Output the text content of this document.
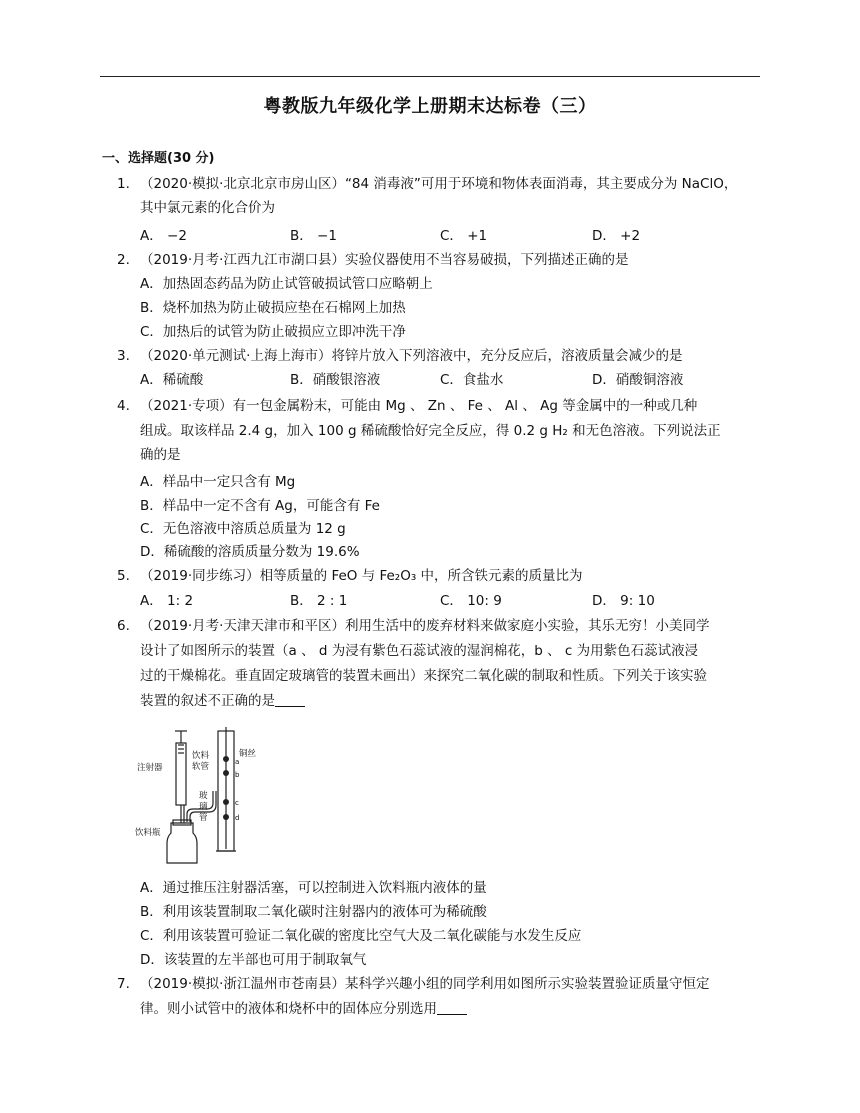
粤教版九年级化学上册期末达标卷（三）
一、选择题(30 分)
1. （2020·模拟·北京北京市房山区）“84 消毒液”可用于环境和物体表面消毒，其主要成分为 NaClO，
其中氯元素的化合价为
A． −2	B． −1	C． +1	D． +2
2. （2019·月考·江西九江市湖口县）实验仪器使用不当容易破损，下列描述正确的是
A．加热固态药品为防止试管破损试管口应略朝上
B．烧杯加热为防止破损应垫在石棉网上加热
C．加热后的试管为防止破损应立即冲洗干净
3. （2020·单元测试·上海上海市）将锌片放入下列溶液中，充分反应后，溶液质量会减少的是
A．稀硫酸	B．硝酸银溶液	C．食盐水	D．硝酸铜溶液
4. （2021·专项）有一包金属粉末，可能由 Mg 、 Zn 、 Fe 、 Al 、 Ag 等金属中的一种或几种
组成。取该样品 2.4 g，加入 100 g 稀硫酸恰好完全反应，得 0.2 g H₂ 和无色溶液。下列说法正
确的是
A．样品中一定只含有 Mg
B．样品中一定不含有 Ag，可能含有 Fe
C．无色溶液中溶质总质量为 12 g
D．稀硫酸的溶质质量分数为 19.6%
5. （2019·同步练习）相等质量的 FeO 与 Fe₂O₃ 中，所含铁元素的质量比为
A． 1: 2	B． 2 : 1	C． 10: 9	D． 9: 10
6. （2019·月考·天津天津市和平区）利用生活中的废弃材料来做家庭小实验，其乐无穷！小美同学
设计了如图所示的装置（a 、 d 为浸有紫色石蕊试液的湿润棉花，b 、 c 为用紫色石蕊试液浸
过的干燥棉花。垂直固定玻璃管的装置未画出）来探究二氧化碳的制取和性质。下列关于该实验
装置的叙述不正确的是
注射器
饮料软管
铜丝
玻璃管
饮料瓶
a
b
c
d
A．通过推压注射器活塞，可以控制进入饮料瓶内液体的量
B．利用该装置制取二氧化碳时注射器内的液体可为稀硫酸
C．利用该装置可验证二氧化碳的密度比空气大及二氧化碳能与水发生反应
D．该装置的左半部也可用于制取氧气
7. （2019·模拟·浙江温州市苍南县）某科学兴趣小组的同学利用如图所示实验装置验证质量守恒定
律。则小试管中的液体和烧杯中的固体应分别选用
